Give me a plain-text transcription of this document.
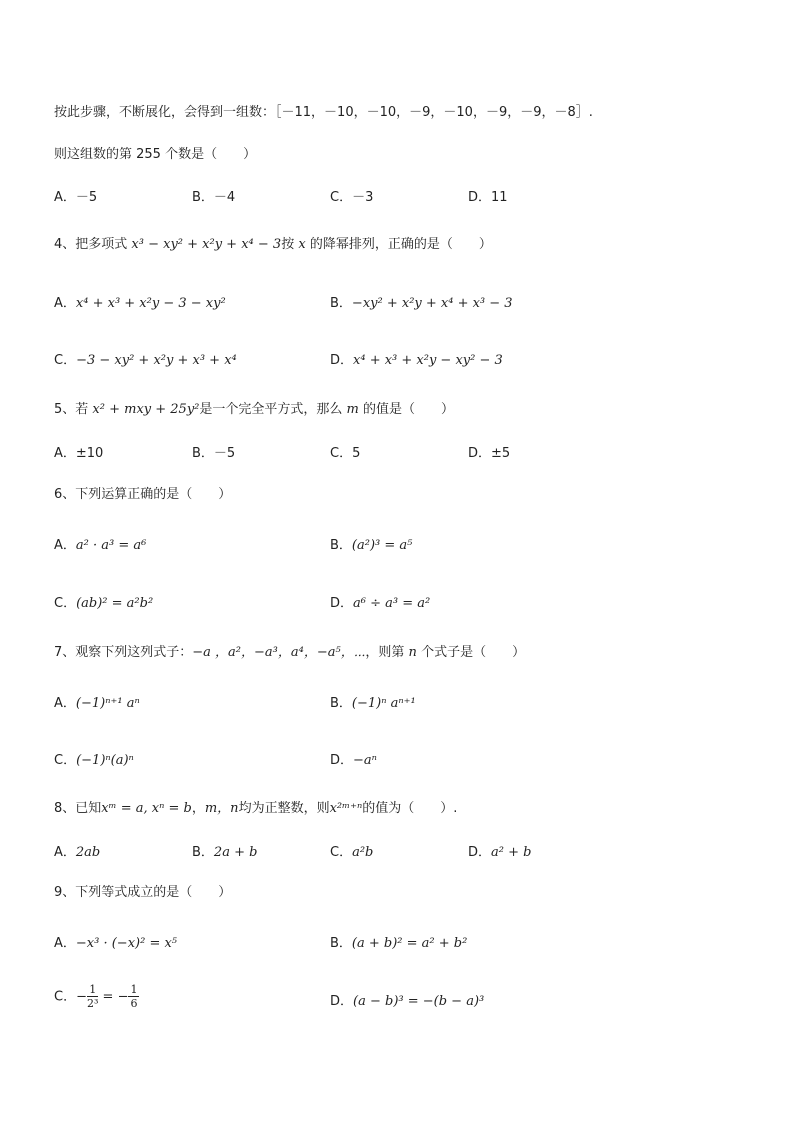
按此步骤，不断展化，会得到一组数：［－11，－10，－10，－9，－10，－9，－9，－8］.
则这组数的第 255 个数是（　　）
A．－5	B．－4	C．－3	D．11
4、把多项式 x³ − xy² + x²y + x⁴ − 3按 x 的降幂排列，正确的是（　　）
A．x⁴ + x³ + x²y − 3 − xy²	B．−xy² + x²y + x⁴ + x³ − 3
C．−3 − xy² + x²y + x³ + x⁴	D．x⁴ + x³ + x²y − xy² − 3
5、若 x² + mxy + 25y²是一个完全平方式，那么 m 的值是（　　）
A．±10	B．－5	C．5	D．±5
6、下列运算正确的是（　　）
A．a² · a³ = a⁶	B．(a²)³ = a⁵
C．(ab)² = a²b²	D．a⁶ ÷ a³ = a²
7、观察下列这列式子：−a ，a²，−a³，a⁴，−a⁵，⋯，则第 n 个式子是（　　）
A．(−1)ⁿ⁺¹ aⁿ	B．(−1)ⁿ aⁿ⁺¹
C．(−1)ⁿ(a)ⁿ	D．−aⁿ
8、已知xᵐ = a, xⁿ = b，m，n均为正整数，则x²ᵐ⁺ⁿ的值为（　　）.
A．2ab	B．2a + b	C．a²b	D．a² + b
9、下列等式成立的是（　　）
A．−x³ · (−x)² = x⁵	B．(a + b)² = a² + b²
C．− $\frac{1}{\text{2³}}$ = − $\frac{1}{6}$	D．(a − b)³ = −(b − a)³
